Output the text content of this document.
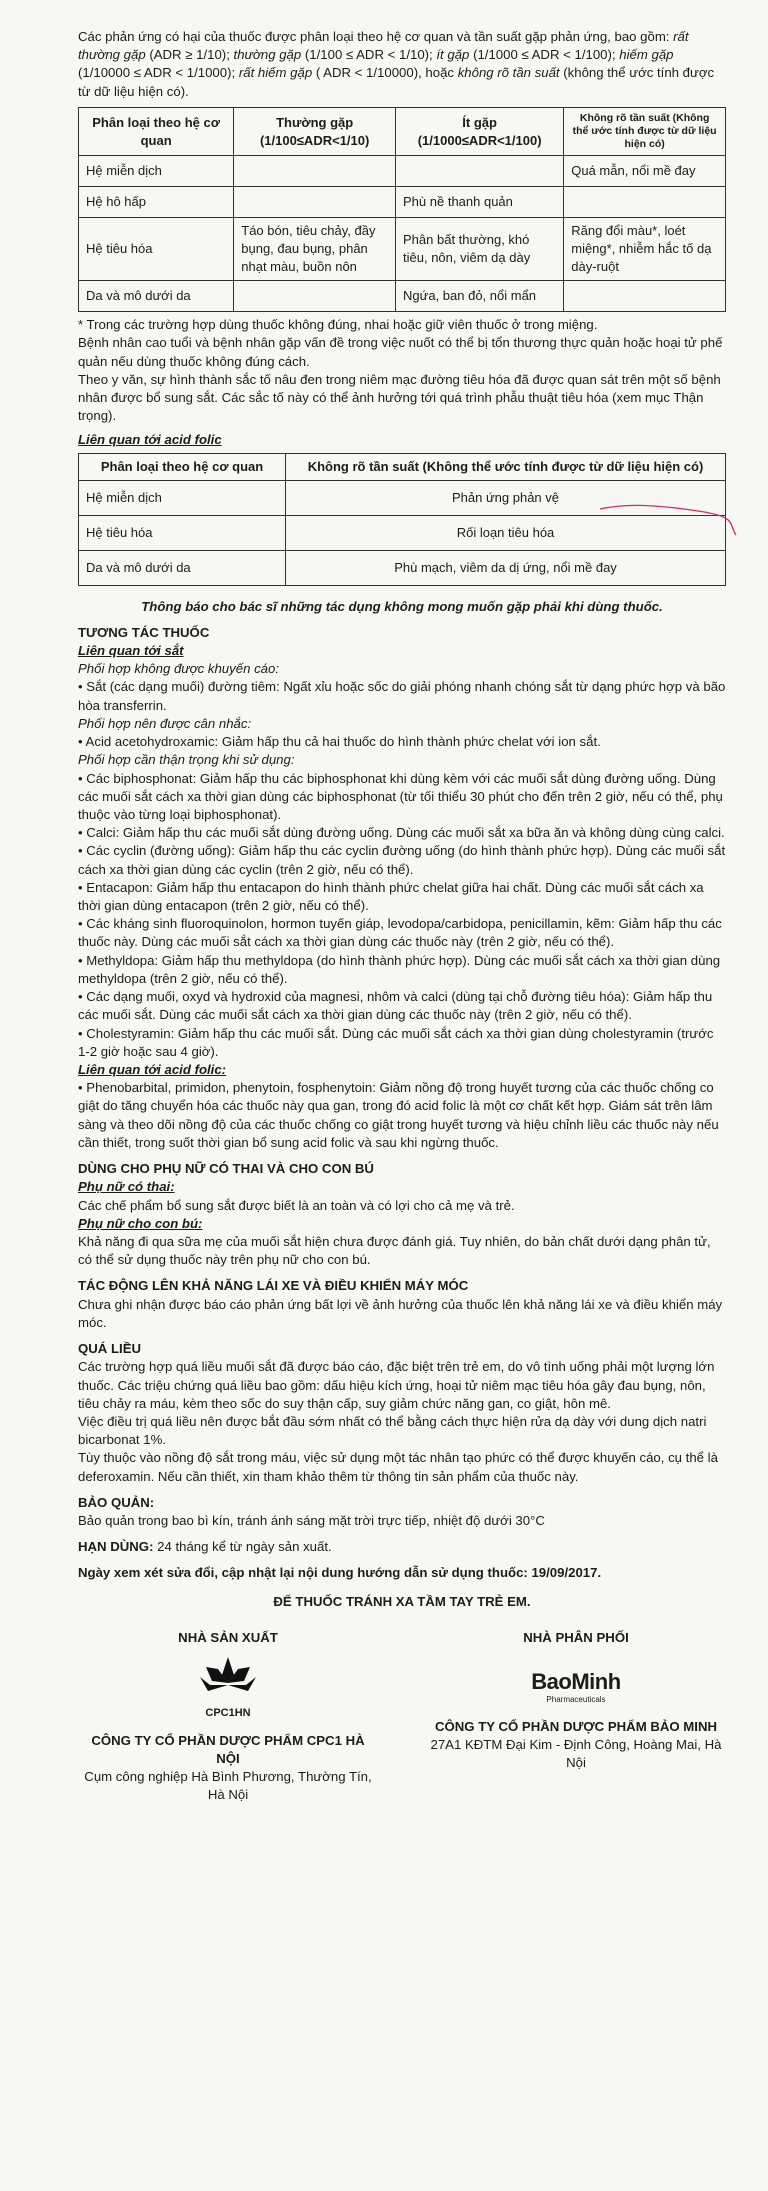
Các phản ứng có hại của thuốc được phân loại theo hệ cơ quan và tần suất gặp phản ứng, bao gồm: rất thường gặp (ADR ≥ 1/10); thường gặp (1/100 ≤ ADR < 1/10); ít gặp (1/1000 ≤ ADR < 1/100); hiếm gặp (1/10000 ≤ ADR < 1/1000); rất hiếm gặp ( ADR < 1/10000), hoặc không rõ tần suất (không thể ước tính được từ dữ liệu hiện có).

Phân loại theo hệ cơ quan	Thường gặp (1/100≤ADR<1/10)	Ít gặp (1/1000≤ADR<1/100)	Không rõ tần suất (Không thể ước tính được từ dữ liệu hiện có)
Hệ miễn dịch			Quá mẫn, nổi mề đay
Hệ hô hấp		Phù nề thanh quản	
Hệ tiêu hóa	Táo bón, tiêu chảy, đầy bụng, đau bụng, phân nhạt màu, buồn nôn	Phân bất thường, khó tiêu, nôn, viêm dạ dày	Răng đổi màu*, loét miệng*, nhiễm hắc tố dạ dày-ruột
Da và mô dưới da		Ngứa, ban đỏ, nổi mẩn	

* Trong các trường hợp dùng thuốc không đúng, nhai hoặc giữ viên thuốc ở trong miệng.

Bệnh nhân cao tuổi và bệnh nhân gặp vấn đề trong việc nuốt có thể bị tổn thương thực quản hoặc hoại tử phế quản nếu dùng thuốc không đúng cách.

Theo y văn, sự hình thành sắc tố nâu đen trong niêm mạc đường tiêu hóa đã được quan sát trên một số bệnh nhân được bổ sung sắt. Các sắc tố này có thể ảnh hưởng tới quá trình phẫu thuật tiêu hóa (xem mục Thận trọng).

Liên quan tới acid folic

Phân loại theo hệ cơ quan	Không rõ tần suất (Không thể ước tính được từ dữ liệu hiện có)
Hệ miễn dịch	Phản ứng phản vệ
Hệ tiêu hóa	Rối loạn tiêu hóa
Da và mô dưới da	Phù mạch, viêm da dị ứng, nổi mề đay

Thông báo cho bác sĩ những tác dụng không mong muốn gặp phải khi dùng thuốc.

TƯƠNG TÁC THUỐC

Liên quan tới sắt

Phối hợp không được khuyến cáo:

• Sắt (các dạng muối) đường tiêm: Ngất xỉu hoặc sốc do giải phóng nhanh chóng sắt từ dạng phức hợp và bão hòa transferrin.

Phối hợp nên được cân nhắc:

• Acid acetohydroxamic: Giảm hấp thu cả hai thuốc do hình thành phức chelat với ion sắt.

Phối hợp cần thận trọng khi sử dụng:

• Các biphosphonat: Giảm hấp thu các biphosphonat khi dùng kèm với các muối sắt dùng đường uống. Dùng các muối sắt cách xa thời gian dùng các biphosphonat (từ tối thiểu 30 phút cho đến trên 2 giờ, nếu có thể, phụ thuộc vào từng loại biphosphonat).

• Calci: Giảm hấp thu các muối sắt dùng đường uống. Dùng các muối sắt xa bữa ăn và không dùng cùng calci.

• Các cyclin (đường uống): Giảm hấp thu các cyclin đường uống (do hình thành phức hợp). Dùng các muối sắt cách xa thời gian dùng các cyclin (trên 2 giờ, nếu có thể).

• Entacapon: Giảm hấp thu entacapon do hình thành phức chelat giữa hai chất. Dùng các muối sắt cách xa thời gian dùng entacapon (trên 2 giờ, nếu có thể).

• Các kháng sinh fluoroquinolon, hormon tuyến giáp, levodopa/carbidopa, penicillamin, kẽm: Giảm hấp thu các thuốc này. Dùng các muối sắt cách xa thời gian dùng các thuốc này (trên 2 giờ, nếu có thể).

• Methyldopa: Giảm hấp thu methyldopa (do hình thành phức hợp). Dùng các muối sắt cách xa thời gian dùng methyldopa (trên 2 giờ, nếu có thể).

• Các dạng muối, oxyd và hydroxid của magnesi, nhôm và calci (dùng tại chỗ đường tiêu hóa): Giảm hấp thu các muối sắt. Dùng các muối sắt cách xa thời gian dùng các thuốc này (trên 2 giờ, nếu có thể).

• Cholestyramin: Giảm hấp thu các muối sắt. Dùng các muối sắt cách xa thời gian dùng cholestyramin (trước 1-2 giờ hoặc sau 4 giờ).

Liên quan tới acid folic:

• Phenobarbital, primidon, phenytoin, fosphenytoin: Giảm nồng độ trong huyết tương của các thuốc chống co giật do tăng chuyển hóa các thuốc này qua gan, trong đó acid folic là một cơ chất kết hợp. Giám sát trên lâm sàng và theo dõi nồng độ của các thuốc chống co giật trong huyết tương và hiệu chỉnh liều các thuốc này nếu cần thiết, trong suốt thời gian bổ sung acid folic và sau khi ngừng thuốc.

DÙNG CHO PHỤ NỮ CÓ THAI VÀ CHO CON BÚ

Phụ nữ có thai:

Các chế phẩm bổ sung sắt được biết là an toàn và có lợi cho cả mẹ và trẻ.

Phụ nữ cho con bú:

Khả năng đi qua sữa mẹ của muối sắt hiện chưa được đánh giá. Tuy nhiên, do bản chất dưới dạng phân tử, có thể sử dụng thuốc này trên phụ nữ cho con bú.

TÁC ĐỘNG LÊN KHẢ NĂNG LÁI XE VÀ ĐIỀU KHIỂN MÁY MÓC

Chưa ghi nhận được báo cáo phản ứng bất lợi về ảnh hưởng của thuốc lên khả năng lái xe và điều khiển máy móc.

QUÁ LIỀU

Các trường hợp quá liều muối sắt đã được báo cáo, đặc biệt trên trẻ em, do vô tình uống phải một lượng lớn thuốc. Các triệu chứng quá liều bao gồm: dấu hiệu kích ứng, hoại tử niêm mạc tiêu hóa gây đau bụng, nôn, tiêu chảy ra máu, kèm theo sốc do suy thận cấp, suy giảm chức năng gan, co giật, hôn mê.

Việc điều trị quá liều nên được bắt đầu sớm nhất có thể bằng cách thực hiện rửa dạ dày với dung dịch natri bicarbonat 1%.

Tùy thuộc vào nồng độ sắt trong máu, việc sử dụng một tác nhân tạo phức có thể được khuyến cáo, cụ thể là deferoxamin. Nếu cần thiết, xin tham khảo thêm từ thông tin sản phẩm của thuốc này.

BẢO QUẢN:

Bảo quản trong bao bì kín, tránh ánh sáng mặt trời trực tiếp, nhiệt độ dưới 30°C

HẠN DÙNG: 24 tháng kể từ ngày sản xuất.

Ngày xem xét sửa đổi, cập nhật lại nội dung hướng dẫn sử dụng thuốc: 19/09/2017.

ĐỂ THUỐC TRÁNH XA TẦM TAY TRẺ EM.

NHÀ SẢN XUẤT

CPC1HN

CÔNG TY CỔ PHẦN DƯỢC PHẨM CPC1 HÀ NỘI

Cụm công nghiệp Hà Bình Phương, Thường Tín, Hà Nội

NHÀ PHÂN PHỐI

BaoMinh
Pharmaceuticals

CÔNG TY CỔ PHẦN DƯỢC PHẨM BẢO MINH

27A1 KĐTM Đại Kim - Định Công, Hoàng Mai, Hà Nội
